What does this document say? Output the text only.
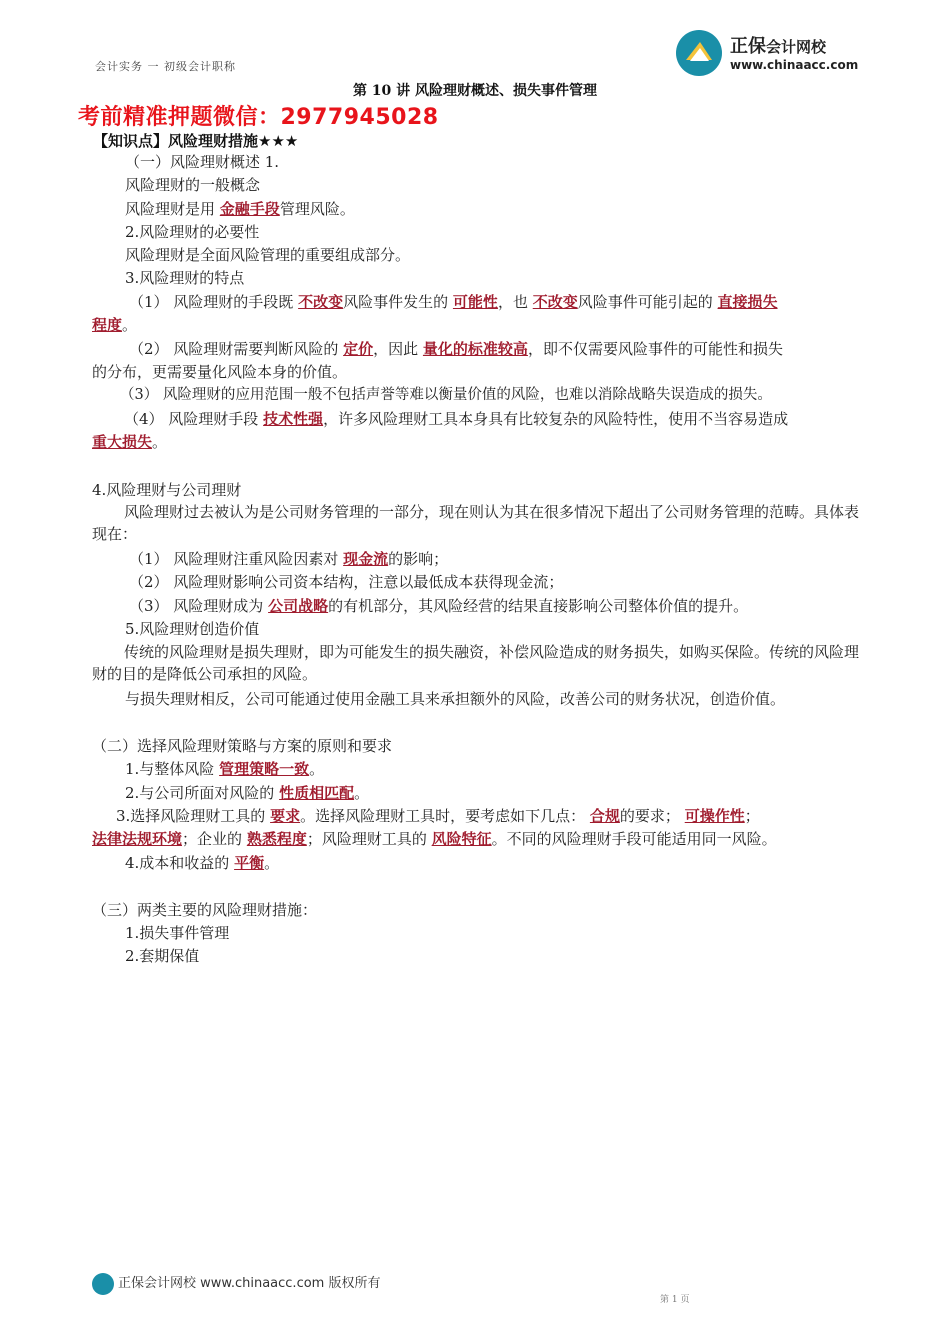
会计实务 一 初级会计职称
正保会计网校
www.chinaacc.com
第 10 讲 风险理财概述、损失事件管理
考前精准押题微信：2977945028
【知识点】风险理财措施★★★
（一）风险理财概述 1.
风险理财的一般概念
风险理财是用 金融手段管理风险。
2.风险理财的必要性
风险理财是全面风险管理的重要组成部分。
3.风险理财的特点
（1） 风险理财的手段既 不改变风险事件发生的 可能性，也 不改变风险事件可能引起的 直接损失
程度。
（2） 风险理财需要判断风险的 定价，因此 量化的标准较高，即不仅需要风险事件的可能性和损失
的分布，更需要量化风险本身的价值。
（3） 风险理财的应用范围一般不包括声誉等难以衡量价值的风险，也难以消除战略失误造成的损失。
（4） 风险理财手段 技术性强，许多风险理财工具本身具有比较复杂的风险特性，使用不当容易造成
重大损失。
4.风险理财与公司理财
风险理财过去被认为是公司财务管理的一部分，现在则认为其在很多情况下超出了公司财务管理的范畴。具体表现在：
（1） 风险理财注重风险因素对 现金流的影响；
（2） 风险理财影响公司资本结构，注意以最低成本获得现金流；
（3） 风险理财成为 公司战略的有机部分，其风险经营的结果直接影响公司整体价值的提升。
5.风险理财创造价值
传统的风险理财是损失理财，即为可能发生的损失融资，补偿风险造成的财务损失，如购买保险。传统的风险理财的目的是降低公司承担的风险。
与损失理财相反，公司可能通过使用金融工具来承担额外的风险，改善公司的财务状况，创造价值。
（二）选择风险理财策略与方案的原则和要求
1.与整体风险 管理策略一致。
2.与公司所面对风险的 性质相匹配。
3.选择风险理财工具的 要求。选择风险理财工具时，要考虑如下几点： 合规的要求； 可操作性；
法律法规环境；企业的 熟悉程度；风险理财工具的 风险特征。不同的风险理财手段可能适用同一风险。
4.成本和收益的 平衡。
（三）两类主要的风险理财措施：
1.损失事件管理
2.套期保值
正保会计网校 www.chinaacc.com 版权所有
第 1 页
